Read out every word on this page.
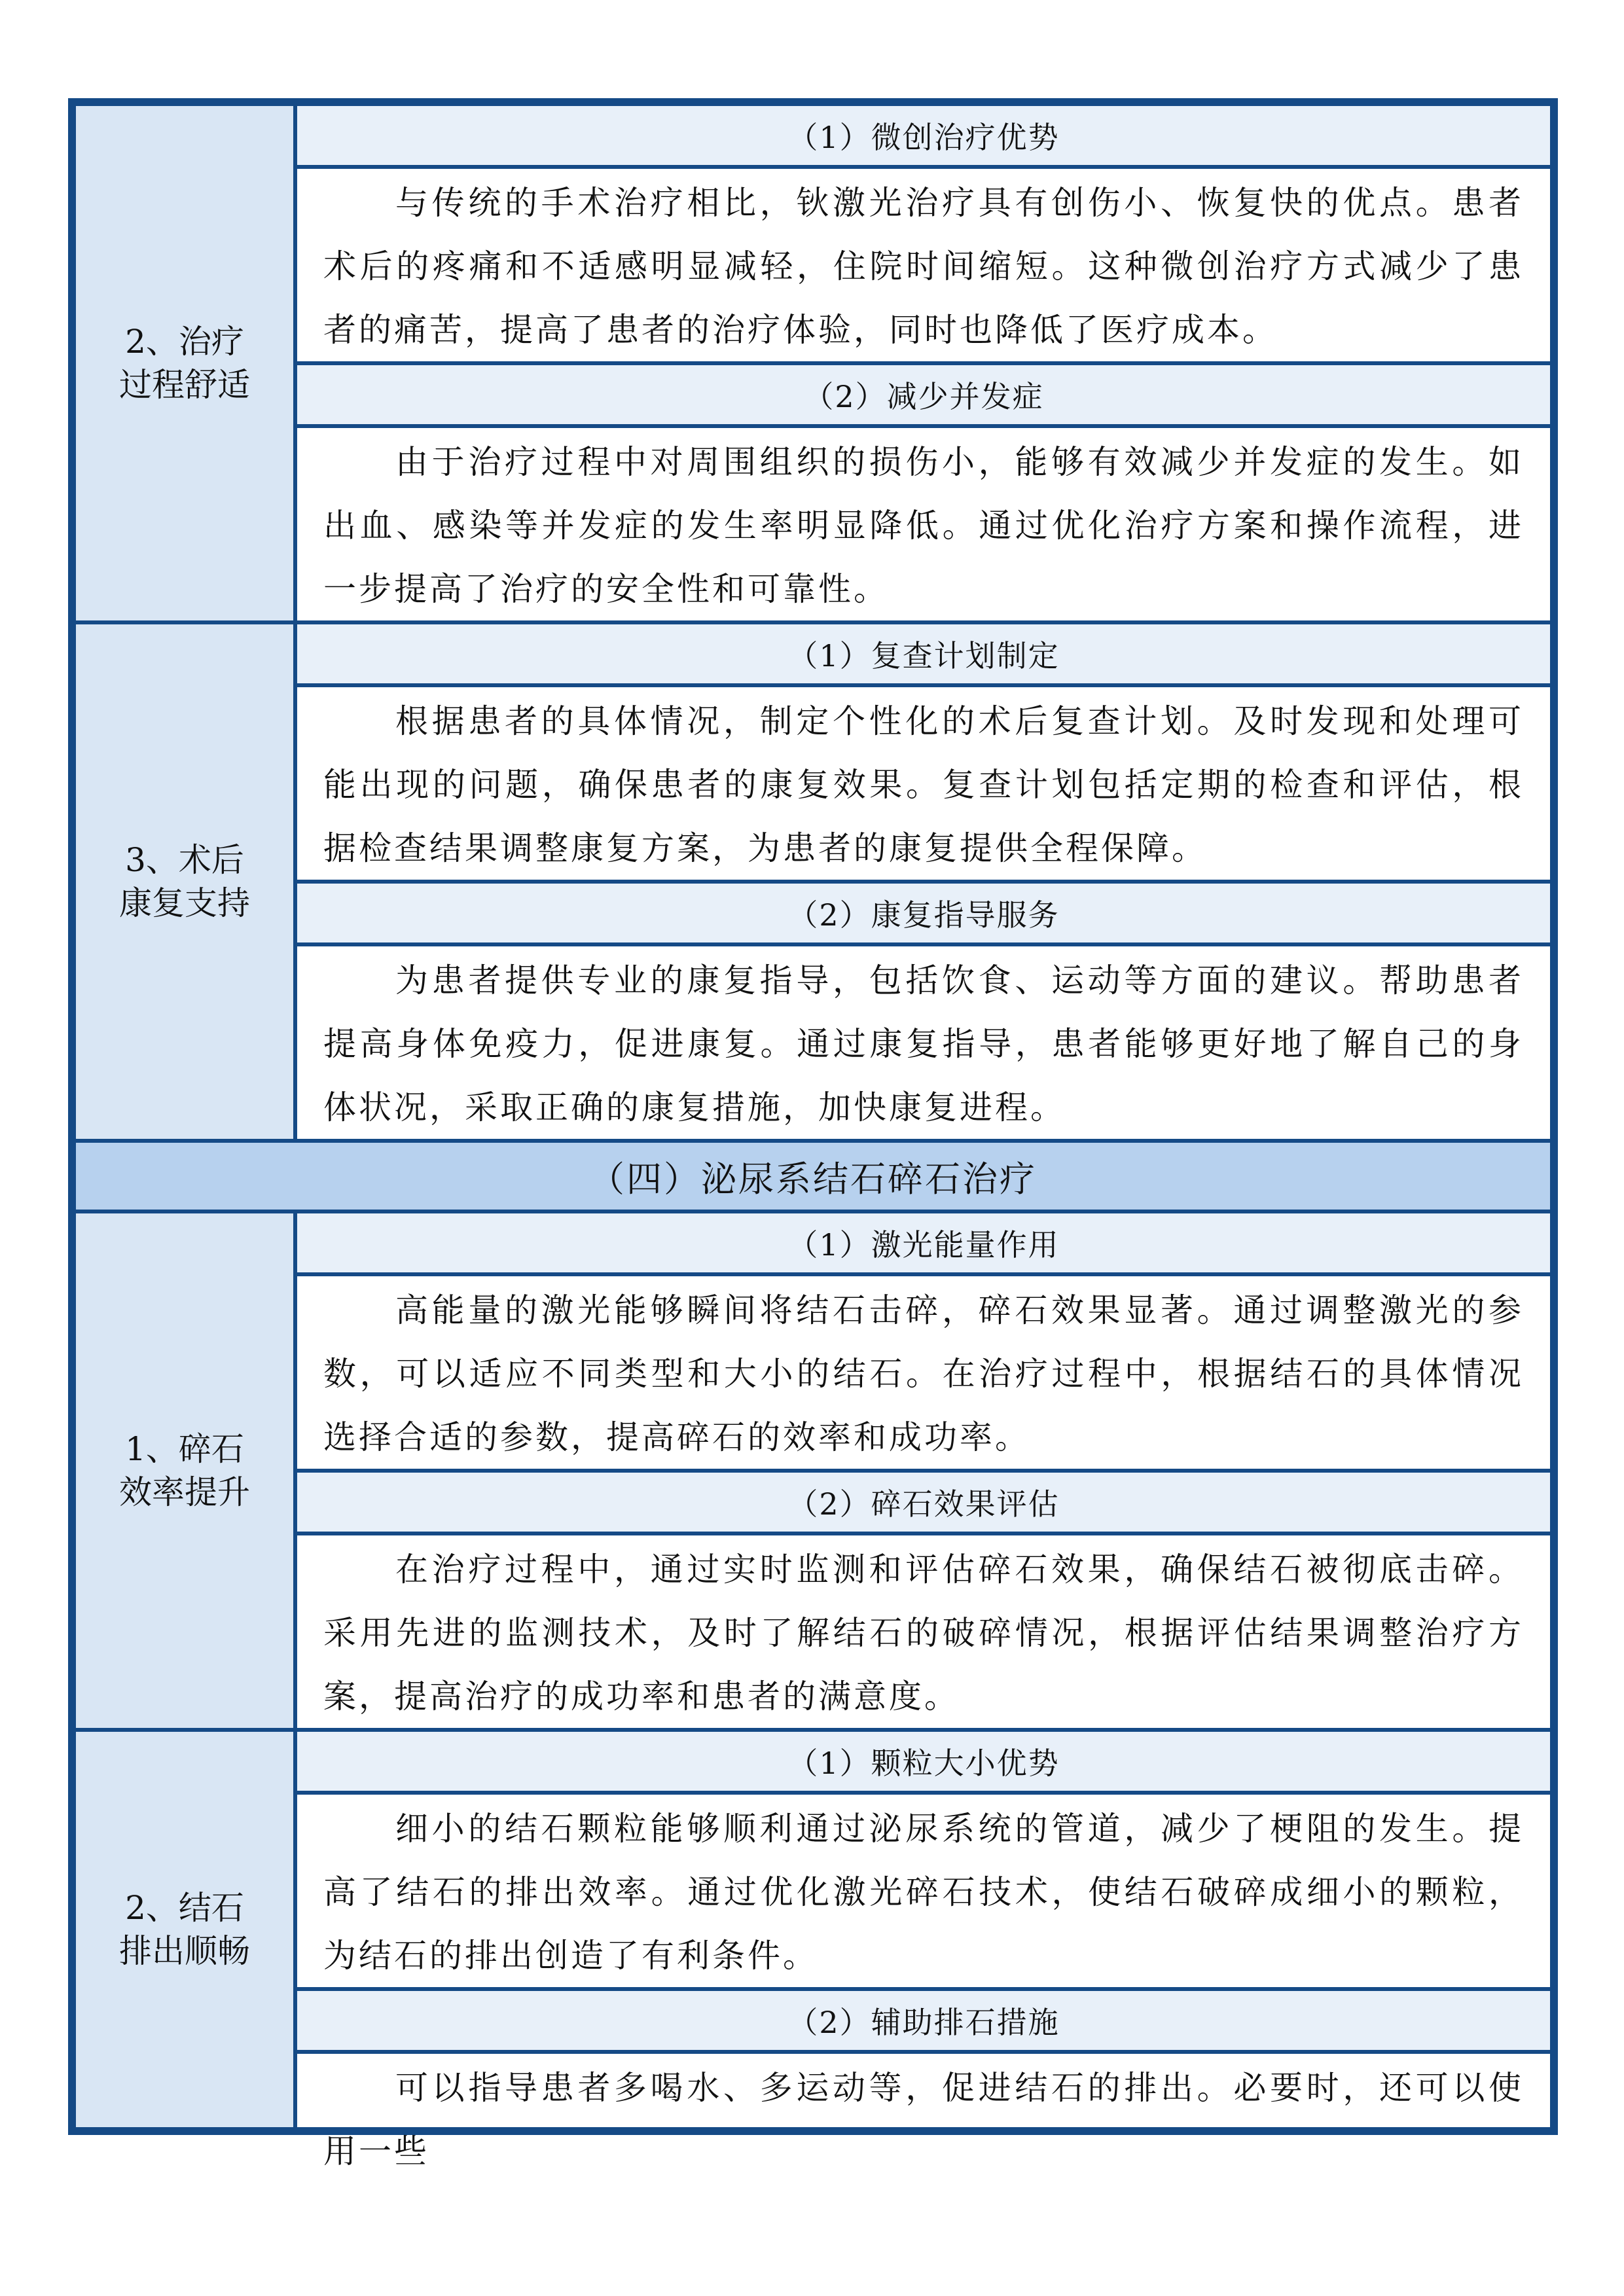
2、治疗过程舒适
（1）微创治疗优势
与传统的手术治疗相比，钬激光治疗具有创伤小、恢复快的优点。患者术后的疼痛和不适感明显减轻，住院时间缩短。这种微创治疗方式减少了患者的痛苦，提高了患者的治疗体验，同时也降低了医疗成本。
（2）减少并发症
由于治疗过程中对周围组织的损伤小，能够有效减少并发症的发生。如出血、感染等并发症的发生率明显降低。通过优化治疗方案和操作流程，进一步提高了治疗的安全性和可靠性。
3、术后康复支持
（1）复查计划制定
根据患者的具体情况，制定个性化的术后复查计划。及时发现和处理可能出现的问题，确保患者的康复效果。复查计划包括定期的检查和评估，根据检查结果调整康复方案，为患者的康复提供全程保障。
（2）康复指导服务
为患者提供专业的康复指导，包括饮食、运动等方面的建议。帮助患者提高身体免疫力，促进康复。通过康复指导，患者能够更好地了解自己的身体状况，采取正确的康复措施，加快康复进程。
（四）泌尿系结石碎石治疗
1、碎石效率提升
（1）激光能量作用
高能量的激光能够瞬间将结石击碎，碎石效果显著。通过调整激光的参数，可以适应不同类型和大小的结石。在治疗过程中，根据结石的具体情况选择合适的参数，提高碎石的效率和成功率。
（2）碎石效果评估
在治疗过程中，通过实时监测和评估碎石效果，确保结石被彻底击碎。采用先进的监测技术，及时了解结石的破碎情况，根据评估结果调整治疗方案，提高治疗的成功率和患者的满意度。
2、结石排出顺畅
（1）颗粒大小优势
细小的结石颗粒能够顺利通过泌尿系统的管道，减少了梗阻的发生。提高了结石的排出效率。通过优化激光碎石技术，使结石破碎成细小的颗粒，为结石的排出创造了有利条件。
（2）辅助排石措施
可以指导患者多喝水、多运动等，促进结石的排出。必要时，还可以使用一些
